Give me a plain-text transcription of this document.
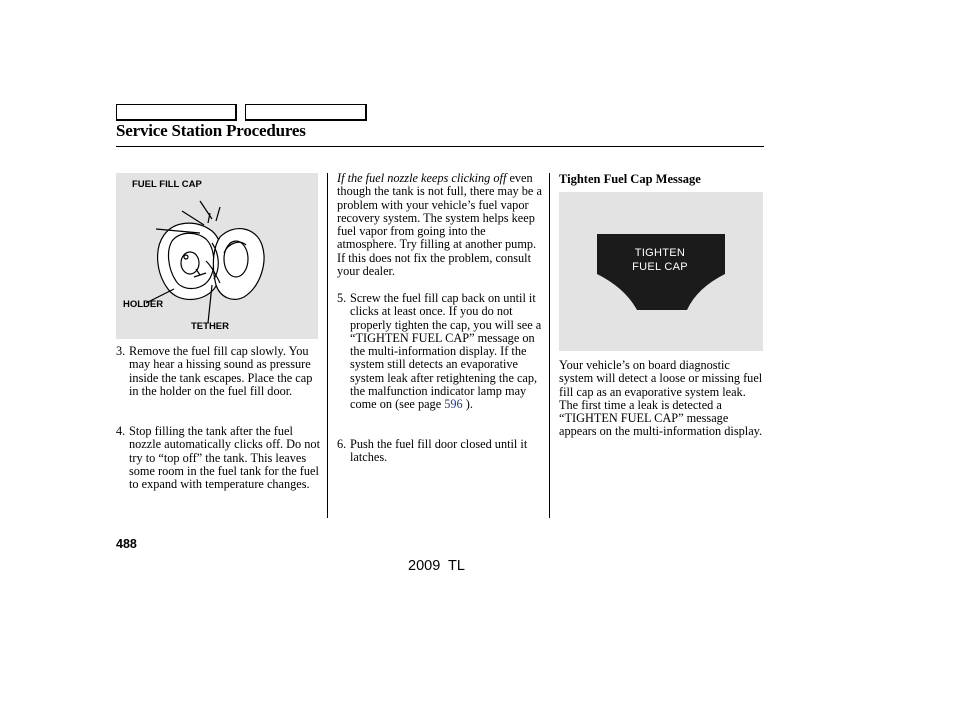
Service Station Procedures
FUEL FILL CAP
HOLDER
TETHER
3. Remove the fuel fill cap slowly. You may hear a hissing sound as pressure inside the tank escapes. Place the cap in the holder on the fuel fill door.
4. Stop filling the tank after the fuel nozzle automatically clicks off. Do not try to “top off” the tank. This leaves some room in the fuel tank for the fuel to expand with temperature changes.

If the fuel nozzle keeps clicking off even though the tank is not full, there may be a problem with your vehicle’s fuel vapor recovery system. The system helps keep fuel vapor from going into the atmosphere. Try filling at another pump. If this does not fix the problem, consult your dealer.

5. Screw the fuel fill cap back on until it clicks at least once. If you do not properly tighten the cap, you will see a “TIGHTEN FUEL CAP” message on the multi-information display. If the system still detects an evaporative system leak after retightening the cap, the malfunction indicator lamp may come on (see page 596 ).
6. Push the fuel fill door closed until it latches.
Tighten Fuel Cap Message
TIGHTEN
FUEL CAP

Your vehicle’s on board diagnostic system will detect a loose or missing fuel fill cap as an evaporative system leak. The first time a leak is detected a “TIGHTEN FUEL CAP” message appears on the multi-information display.

488
2009 TL
